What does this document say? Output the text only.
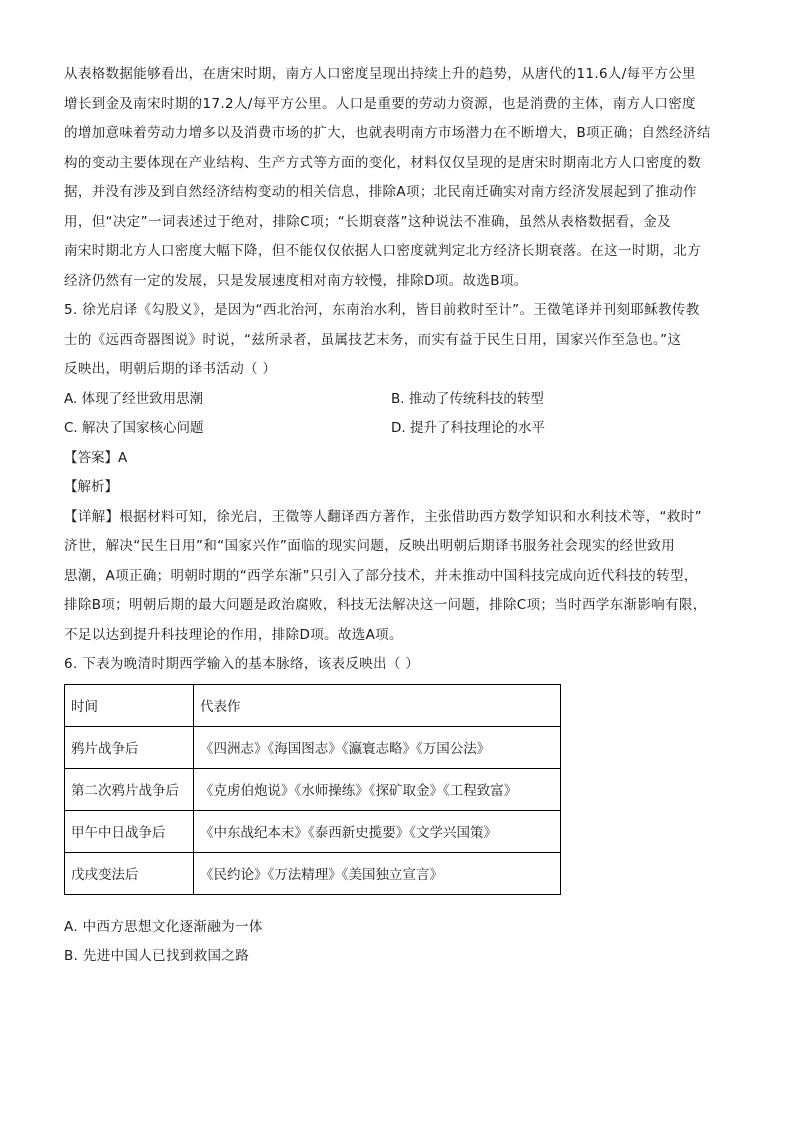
从表格数据能够看出，在唐宋时期，南方人口密度呈现出持续上升的趋势，从唐代的11.6人/每平方公里
增长到金及南宋时期的17.2人/每平方公里。人口是重要的劳动力资源，也是消费的主体，南方人口密度
的增加意味着劳动力增多以及消费市场的扩大，也就表明南方市场潜力在不断增大，B项正确；自然经济结
构的变动主要体现在产业结构、生产方式等方面的变化，材料仅仅呈现的是唐宋时期南北方人口密度的数
据，并没有涉及到自然经济结构变动的相关信息，排除A项；北民南迁确实对南方经济发展起到了推动作
用，但“决定”一词表述过于绝对，排除C项；“长期衰落”这种说法不准确，虽然从表格数据看，金及
南宋时期北方人口密度大幅下降，但不能仅仅依据人口密度就判定北方经济长期衰落。在这一时期，北方
经济仍然有一定的发展，只是发展速度相对南方较慢，排除D项。故选B项。
5. 徐光启译《勾股义》，是因为“西北治河，东南治水利，皆目前救时至计”。王徵笔译并刊刻耶稣教传教
士的《远西奇器图说》时说，“兹所录者，虽属技艺末务，而实有益于民生日用，国家兴作至急也。”这
反映出，明朝后期的译书活动（ ）
A. 体现了经世致用思潮	B. 推动了传统科技的转型
C. 解决了国家核心问题	D. 提升了科技理论的水平
【答案】A
【解析】
【详解】根据材料可知，徐光启，王徵等人翻译西方著作，主张借助西方数学知识和水利技术等，“救时”
济世，解决“民生日用”和“国家兴作”面临的现实问题，反映出明朝后期译书服务社会现实的经世致用
思潮，A项正确；明朝时期的“西学东渐”只引入了部分技术，并未推动中国科技完成向近代科技的转型，
排除B项；明朝后期的最大问题是政治腐败，科技无法解决这一问题，排除C项；当时西学东渐影响有限，
不足以达到提升科技理论的作用，排除D项。故选A项。
6. 下表为晚清时期西学输入的基本脉络，该表反映出（ ）
时间	代表作
鸦片战争后	《四洲志》《海国图志》《瀛寰志略》《万国公法》
第二次鸦片战争后	《克虏伯炮说》《水师操练》《探矿取金》《工程致富》
甲午中日战争后	《中东战纪本末》《泰西新史揽要》《文学兴国策》
戊戌变法后	《民约论》《万法精理》《美国独立宣言》
A. 中西方思想文化逐渐融为一体
B. 先进中国人已找到救国之路
